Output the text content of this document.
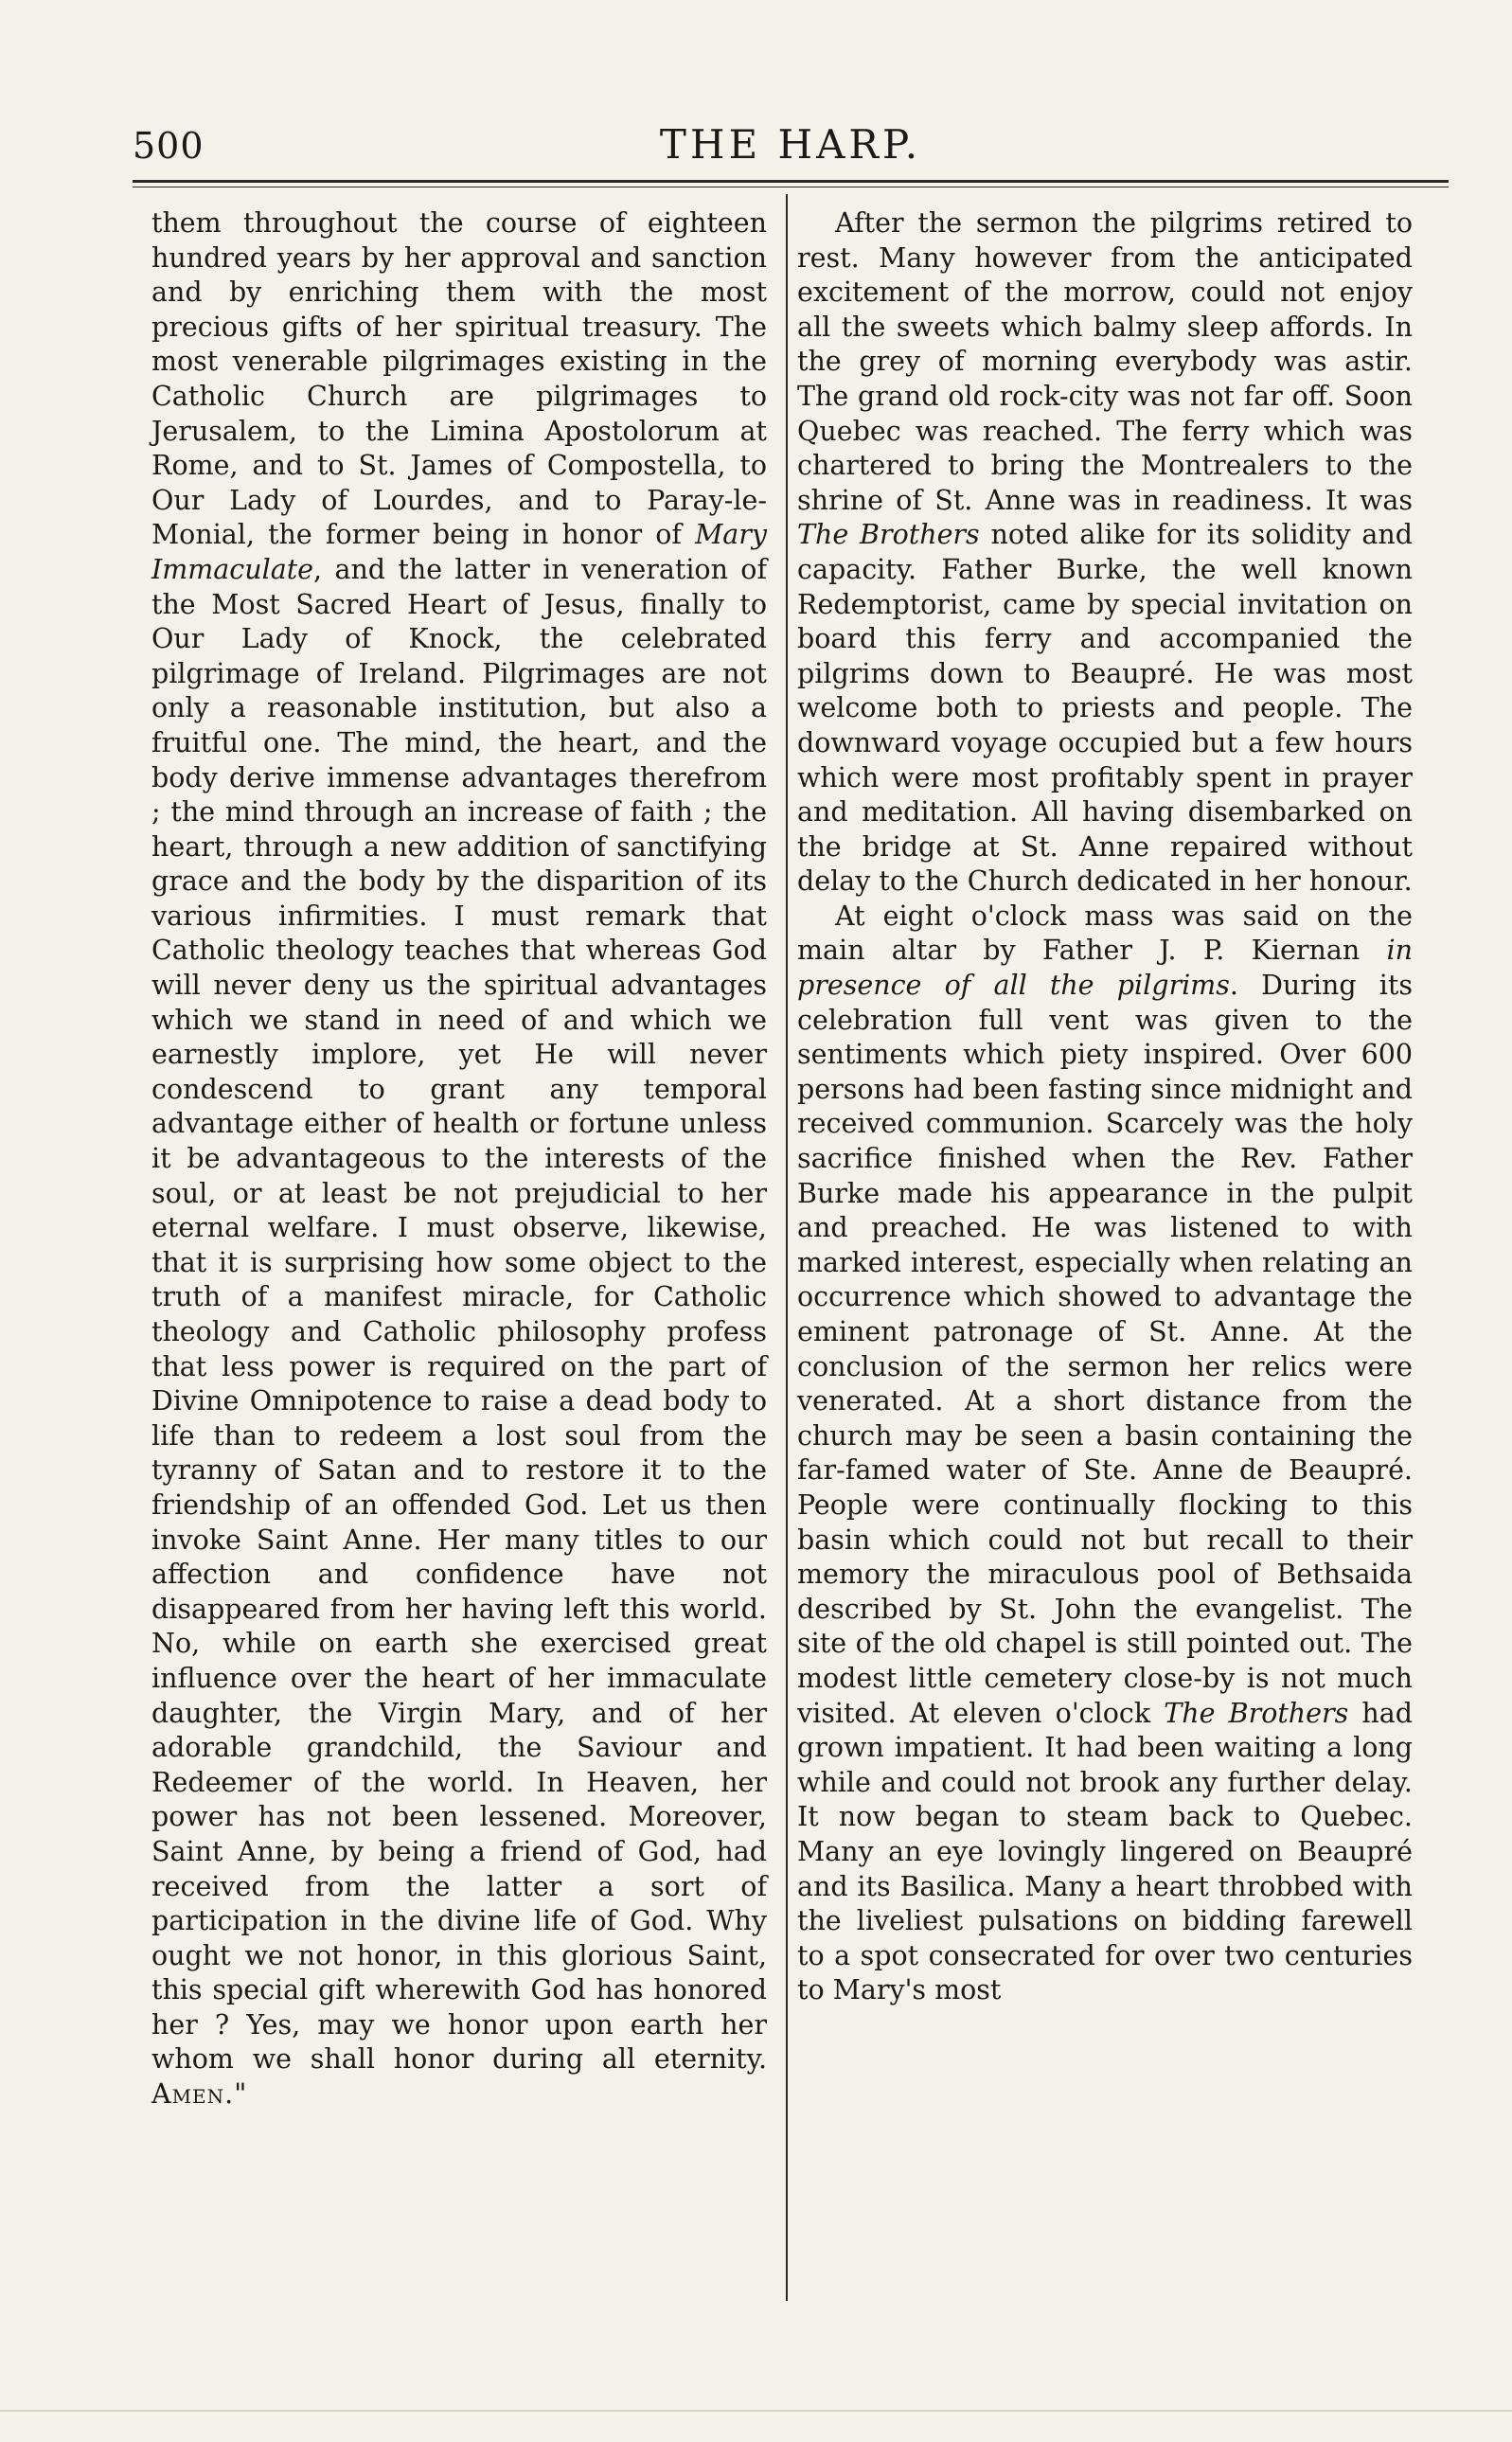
500	THE HARP.

them throughout the course of eighteen hundred years by her approval and sanction and by enriching them with the most precious gifts of her spiritual treasury. The most venerable pilgrimages existing in the Catholic Church are pilgrimages to Jerusalem, to the Limina Apostolorum at Rome, and to St. James of Compostella, to Our Lady of Lourdes, and to Paray-le-Monial, the former being in honor of Mary Immaculate, and the latter in veneration of the Most Sacred Heart of Jesus, finally to Our Lady of Knock, the celebrated pilgrimage of Ireland. Pilgrimages are not only a reasonable institution, but also a fruitful one. The mind, the heart, and the body derive immense advantages therefrom ; the mind through an increase of faith ; the heart, through a new addition of sanctifying grace and the body by the disparition of its various infirmities. I must remark that Catholic theology teaches that whereas God will never deny us the spiritual advantages which we stand in need of and which we earnestly implore, yet He will never condescend to grant any temporal advantage either of health or fortune unless it be advantageous to the interests of the soul, or at least be not prejudicial to her eternal welfare. I must observe, likewise, that it is surprising how some object to the truth of a manifest miracle, for Catholic theology and Catholic philosophy profess that less power is required on the part of Divine Omnipotence to raise a dead body to life than to redeem a lost soul from the tyranny of Satan and to restore it to the friendship of an offended God. Let us then invoke Saint Anne. Her many titles to our affection and confidence have not disappeared from her having left this world. No, while on earth she exercised great influence over the heart of her immaculate daughter, the Virgin Mary, and of her adorable grandchild, the Saviour and Redeemer of the world. In Heaven, her power has not been lessened. Moreover, Saint Anne, by being a friend of God, had received from the latter a sort of participation in the divine life of God. Why ought we not honor, in this glorious Saint, this special gift wherewith God has honored her ? Yes, may we honor upon earth her whom we shall honor during all eternity. Amen."

After the sermon the pilgrims retired to rest. Many however from the anticipated excitement of the morrow, could not enjoy all the sweets which balmy sleep affords. In the grey of morning everybody was astir. The grand old rock-city was not far off. Soon Quebec was reached. The ferry which was chartered to bring the Montrealers to the shrine of St. Anne was in readiness. It was The Brothers noted alike for its solidity and capacity. Father Burke, the well known Redemptorist, came by special invitation on board this ferry and accompanied the pilgrims down to Beaupré. He was most welcome both to priests and people. The downward voyage occupied but a few hours which were most profitably spent in prayer and meditation. All having disembarked on the bridge at St. Anne repaired without delay to the Church dedicated in her honour.

At eight o'clock mass was said on the main altar by Father J. P. Kiernan in presence of all the pilgrims. During its celebration full vent was given to the sentiments which piety inspired. Over 600 persons had been fasting since midnight and received communion. Scarcely was the holy sacrifice finished when the Rev. Father Burke made his appearance in the pulpit and preached. He was listened to with marked interest, especially when relating an occurrence which showed to advantage the eminent patronage of St. Anne. At the conclusion of the sermon her relics were venerated. At a short distance from the church may be seen a basin containing the far-famed water of Ste. Anne de Beaupré. People were continually flocking to this basin which could not but recall to their memory the miraculous pool of Bethsaida described by St. John the evangelist. The site of the old chapel is still pointed out. The modest little cemetery close-by is not much visited. At eleven o'clock The Brothers had grown impatient. It had been waiting a long while and could not brook any further delay. It now began to steam back to Quebec. Many an eye lovingly lingered on Beaupré and its Basilica. Many a heart throbbed with the liveliest pulsations on bidding farewell to a spot consecrated for over two centuries to Mary's most
